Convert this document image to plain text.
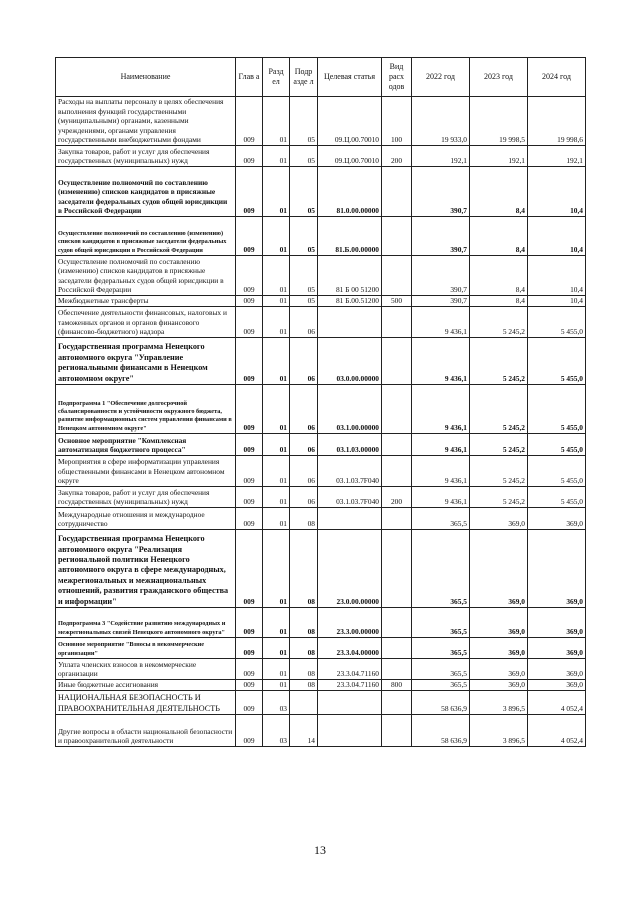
Наименование	Глав а	Разд ел	Подр азде л	Целевая статья	Вид расх одов	2022 год	2023 год	2024 год
Расходы на выплаты персоналу в целях обеспечения выполнения функций государственными (муниципальными) органами, казенными учреждениями, органами управления государственными внебюджетными фондами	009	01	05	09.Ц.00.70010	100	19 933,0	19 998,5	19 998,6
Закупка товаров, работ и услуг для обеспечения государственных (муниципальных) нужд	009	01	05	09.Ц.00.70010	200	192,1	192,1	192,1
Осуществление полномочий по составлению (изменению) списков кандидатов в присяжные заседатели федеральных судов общей юрисдикции в Российской Федерации	009	01	05	81.0.00.00000		390,7	8,4	10,4
Осуществление полномочий по составлению (изменению) списков кандидатов в присяжные заседатели федеральных судов общей юрисдикции в Российской Федерации	009	01	05	81.Б.00.00000		390,7	8,4	10,4
Осуществление полномочий по составлению (изменению) списков кандидатов в присяжные заседатели федеральных судов общей юрисдикции в Российской Федерации	009	01	05	81 Б 00 51200		390,7	8,4	10,4
Межбюджетные трансферты	009	01	05	81 Б.00.51200	500	390,7	8,4	10,4
Обеспечение деятельности финансовых, налоговых и таможенных органов и органов финансового (финансово-бюджетного) надзора	009	01	06			9 436,1	5 245,2	5 455,0
Государственная программа Ненецкого автономного округа "Управление региональными финансами в Ненецком автономном округе"	009	01	06	03.0.00.00000		9 436,1	5 245,2	5 455,0
Подпрограмма 1 "Обеспечение долгосрочной сбалансированности и устойчивости окружного бюджета, развитие информационных систем управления финансами в Ненецком автономном округе"	009	01	06	03.1.00.00000		9 436,1	5 245,2	5 455,0
Основное мероприятие "Комплексная автоматизация бюджетного процесса"	009	01	06	03.1.03.00000		9 436,1	5 245,2	5 455,0
Мероприятия в сфере информатизации управления общественными финансами в Ненецком автономном округе	009	01	06	03.1.03.7F040		9 436,1	5 245,2	5 455,0
Закупка товаров, работ и услуг для обеспечения государственных (муниципальных) нужд	009	01	06	03.1.03.7F040	200	9 436,1	5 245,2	5 455,0
Международные отношения и международное сотрудничество	009	01	08			365,5	369,0	369,0
Государственная программа Ненецкого автономного округа "Реализация региональной политики Ненецкого автономного округа в сфере международных, межрегиональных и межнациональных отношений, развития гражданского общества и информации"	009	01	08	23.0.00.00000		365,5	369,0	369,0
Подпрограмма 3 "Содействие развитию международных и межрегиональных связей Ненецкого автономного округа"	009	01	08	23.3.00.00000		365,5	369,0	369,0
Основное мероприятие "Взносы в некоммерческие организации"	009	01	08	23.3.04.00000		365,5	369,0	369,0
Уплата членских взносов в некоммерческие организации	009	01	08	23.3.04.71160		365,5	369,0	369,0
Иные бюджетные ассигнования	009	01	08	23.3.04.71160	800	365,5	369,0	369,0
НАЦИОНАЛЬНАЯ БЕЗОПАСНОСТЬ И ПРАВООХРАНИТЕЛЬНАЯ ДЕЯТЕЛЬНОСТЬ	009	03				58 636,9	3 896,5	4 052,4
Другие вопросы в области национальной безопасности и правоохранительной деятельности	009	03	14			58 636,9	3 896,5	4 052,4
13
